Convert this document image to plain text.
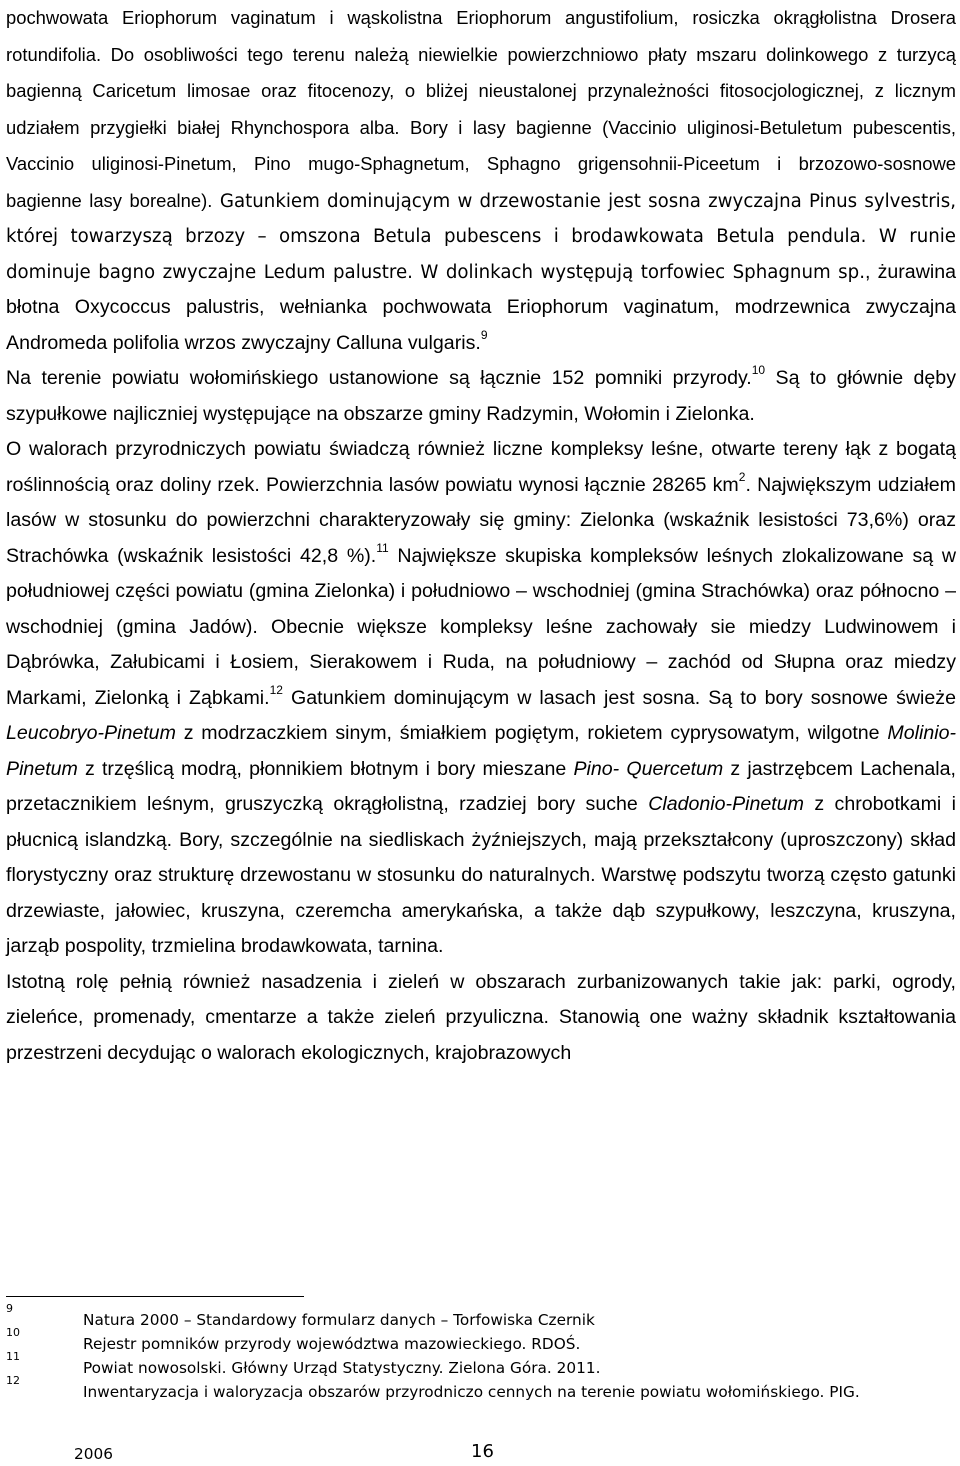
pochwowata Eriophorum vaginatum i wąskolistna Eriophorum angustifolium, rosiczka okrągłolistna Drosera rotundifolia. Do osobliwości tego terenu należą niewielkie powierzchniowo płaty mszaru dolinkowego z turzycą bagienną Caricetum limosae oraz fitocenozy, o bliżej nieustalonej przynależności fitosocjologicznej, z licznym udziałem przygiełki białej Rhynchospora alba. Bory i lasy bagienne (Vaccinio uliginosi-Betuletum pubescentis, Vaccinio uliginosi-Pinetum, Pino mugo-Sphagnetum, Sphagno grigensohnii-Piceetum i brzozowo-sosnowe bagienne lasy borealne). Gatunkiem dominującym w drzewostanie jest sosna zwyczajna Pinus sylvestris, której towarzyszą brzozy – omszona Betula pubescens i brodawkowata Betula pendula. W runie dominuje bagno zwyczajne Ledum palustre. W dolinkach występują torfowiec Sphagnum sp., żurawina błotna Oxycoccus palustris, wełnianka pochwowata Eriophorum vaginatum, modrzewnica zwyczajna Andromeda polifolia wrzos zwyczajny Calluna vulgaris.$^9$

Na terenie powiatu wołomińskiego ustanowione są łącznie 152 pomniki przyrody.$^{10}$ Są to głównie dęby szypułkowe najliczniej występujące na obszarze gminy Radzymin, Wołomin i Zielonka.

O walorach przyrodniczych powiatu świadczą również liczne kompleksy leśne, otwarte tereny łąk z bogatą roślinnością oraz doliny rzek. Powierzchnia lasów powiatu wynosi łącznie 28265 $km^2$. Największym udziałem lasów w stosunku do powierzchni charakteryzowały się gminy: Zielonka (wskaźnik lesistości 73,6%) oraz Strachówka (wskaźnik lesistości 42,8 %).$^{11}$ Największe skupiska kompleksów leśnych zlokalizowane są w południowej części powiatu (gmina Zielonka) i południowo – wschodniej (gmina Strachówka) oraz północno – wschodniej (gmina Jadów). Obecnie większe kompleksy leśne zachowały sie miedzy Ludwinowem i Dąbrówka, Załubicami i Łosiem, Sierakowem i Ruda, na południowy – zachód od Słupna oraz miedzy Markami, Zielonką i Ząbkami.$^{12}$ Gatunkiem dominującym w lasach jest sosna. Są to bory sosnowe świeże Leucobryo-Pinetum z modrzaczkiem sinym, śmiałkiem pogiętym, rokietem cyprysowatym, wilgotne Molinio-Pinetum z trzęślicą modrą, płonnikiem błotnym i bory mieszane Pino- Quercetum z jastrzębcem Lachenala, przetacznikiem leśnym, gruszyczką okrągłolistną, rzadziej bory suche Cladonio-Pinetum z chrobotkami i płucnicą islandzką. Bory, szczególnie na siedliskach żyźniejszych, mają przekształcony (uproszczony) skład florystyczny oraz strukturę drzewostanu w stosunku do naturalnych. Warstwę podszytu tworzą często gatunki drzewiaste, jałowiec, kruszyna, czeremcha amerykańska, a także dąb szypułkowy, leszczyna, kruszyna, jarząb pospolity, trzmielina brodawkowata, tarnina.

Istotną rolę pełnią również nasadzenia i zieleń w obszarach zurbanizowanych takie jak: parki, ogrody, zieleńce, promenady, cmentarze a także zieleń przyuliczna. Stanowią one ważny składnik kształtowania przestrzeni decydując o walorach ekologicznych, krajobrazowych

9
Natura 2000 – Standardowy formularz danych – Torfowiska Czernik
10
Rejestr pomników przyrody województwa mazowieckiego. RDOŚ.
11
Powiat nowosolski. Główny Urząd Statystyczny. Zielona Góra. 2011.
12
Inwentaryzacja i waloryzacja obszarów przyrodniczo cennych na terenie powiatu wołomińskiego. PIG.
2006	16
